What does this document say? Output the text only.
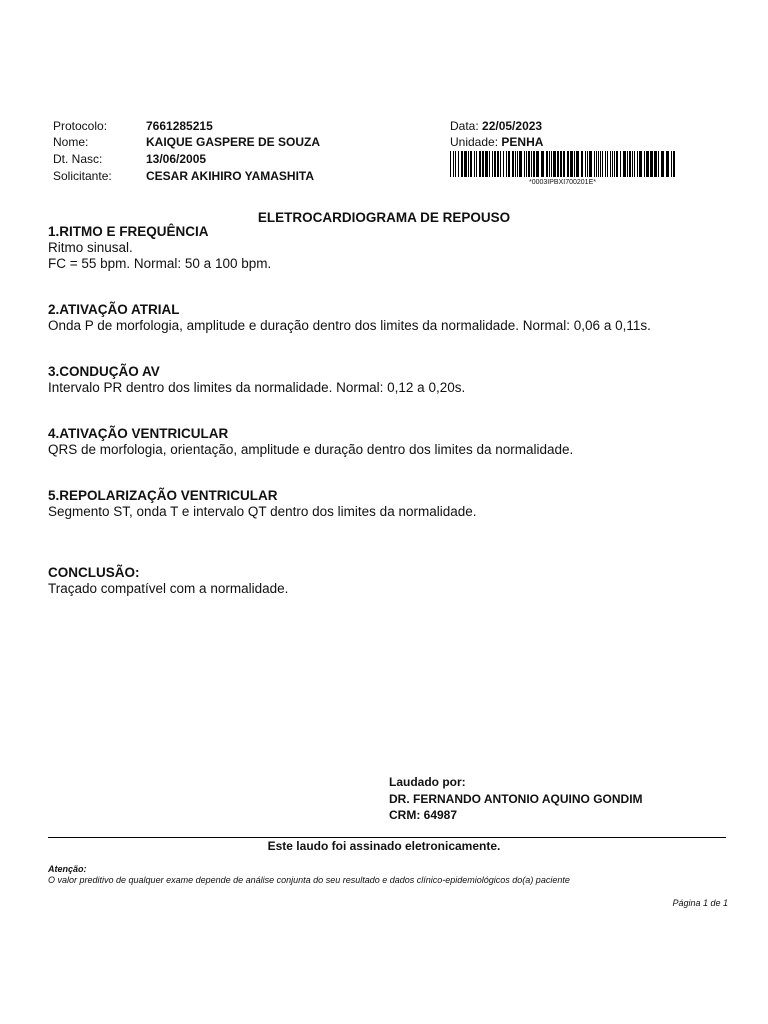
Protocolo:	7661285215
Nome:	KAIQUE GASPERE DE SOUZA
Dt. Nasc:	13/06/2005
Solicitante:	CESAR AKIHIRO YAMASHITA
Data: 22/05/2023
Unidade: PENHA
*0003IPBXI700201E*
ELETROCARDIOGRAMA DE REPOUSO
1.RITMO E FREQUÊNCIA
Ritmo sinusal.
FC = 55 bpm. Normal: 50 a 100 bpm.
2.ATIVAÇÃO ATRIAL
Onda P de morfologia, amplitude e duração dentro dos limites da normalidade. Normal: 0,06 a 0,11s.
3.CONDUÇÃO AV
Intervalo PR dentro dos limites da normalidade. Normal: 0,12 a 0,20s.
4.ATIVAÇÃO VENTRICULAR
QRS de morfologia, orientação, amplitude e duração dentro dos limites da normalidade.
5.REPOLARIZAÇÃO VENTRICULAR
Segmento ST, onda T e intervalo QT dentro dos limites da normalidade.
CONCLUSÃO:
Traçado compatível com a normalidade.
Laudado por:
DR. FERNANDO ANTONIO AQUINO GONDIM
CRM: 64987
Este laudo foi assinado eletronicamente.
Atenção:
O valor preditivo de qualquer exame depende de análise conjunta do seu resultado e dados clínico-epidemiológicos do(a) paciente
Página 1 de 1
